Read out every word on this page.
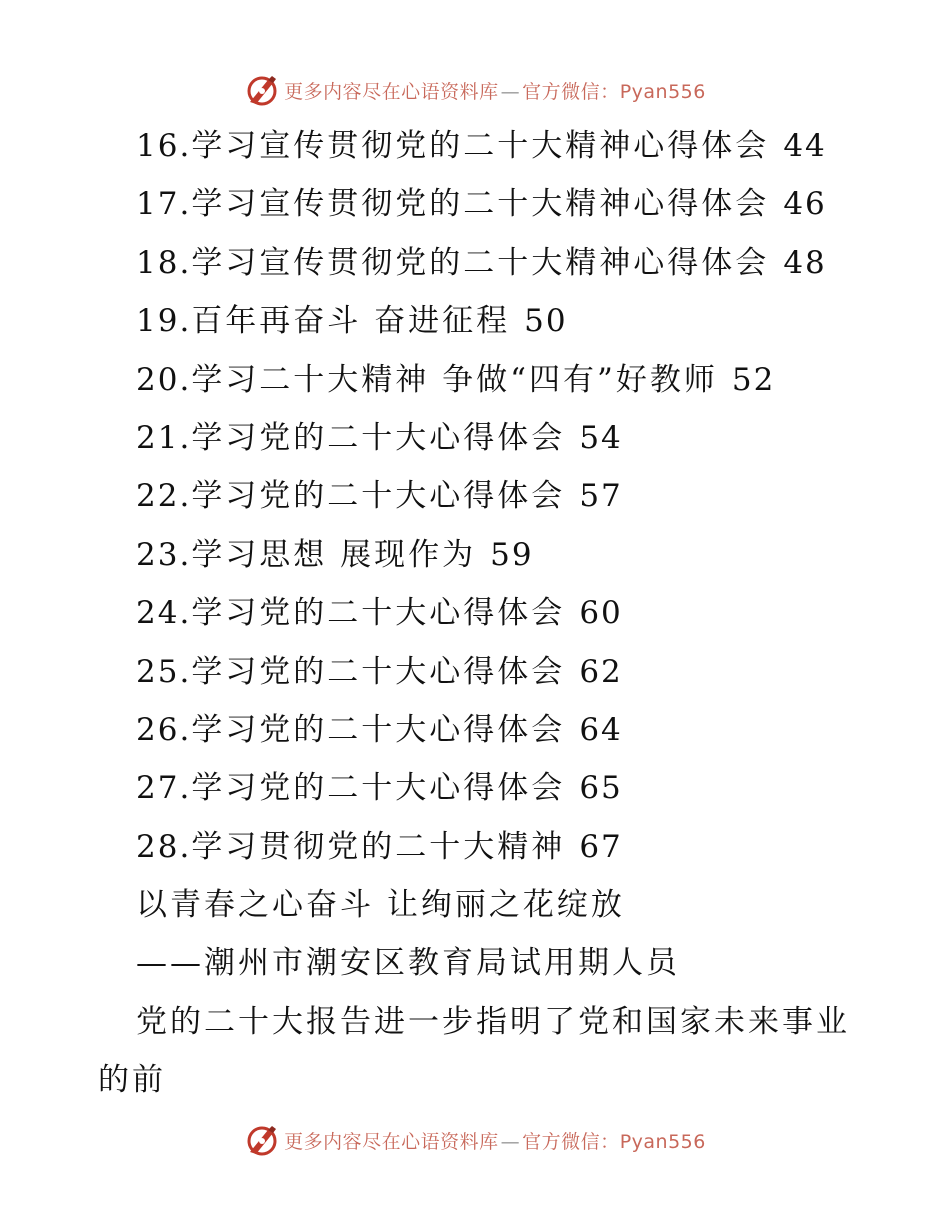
更多内容尽在心语资料库 — 官方微信：Pyan556
16.学习宣传贯彻党的二十大精神心得体会 44
17.学习宣传贯彻党的二十大精神心得体会 46
18.学习宣传贯彻党的二十大精神心得体会 48
19.百年再奋斗 奋进征程 50
20.学习二十大精神 争做“四有”好教师 52
21.学习党的二十大心得体会 54
22.学习党的二十大心得体会 57
23.学习思想 展现作为 59
24.学习党的二十大心得体会 60
25.学习党的二十大心得体会 62
26.学习党的二十大心得体会 64
27.学习党的二十大心得体会 65
28.学习贯彻党的二十大精神 67
以青春之心奋斗 让绚丽之花绽放
——潮州市潮安区教育局试用期人员
党的二十大报告进一步指明了党和国家未来事业
的前
更多内容尽在心语资料库 — 官方微信：Pyan556
